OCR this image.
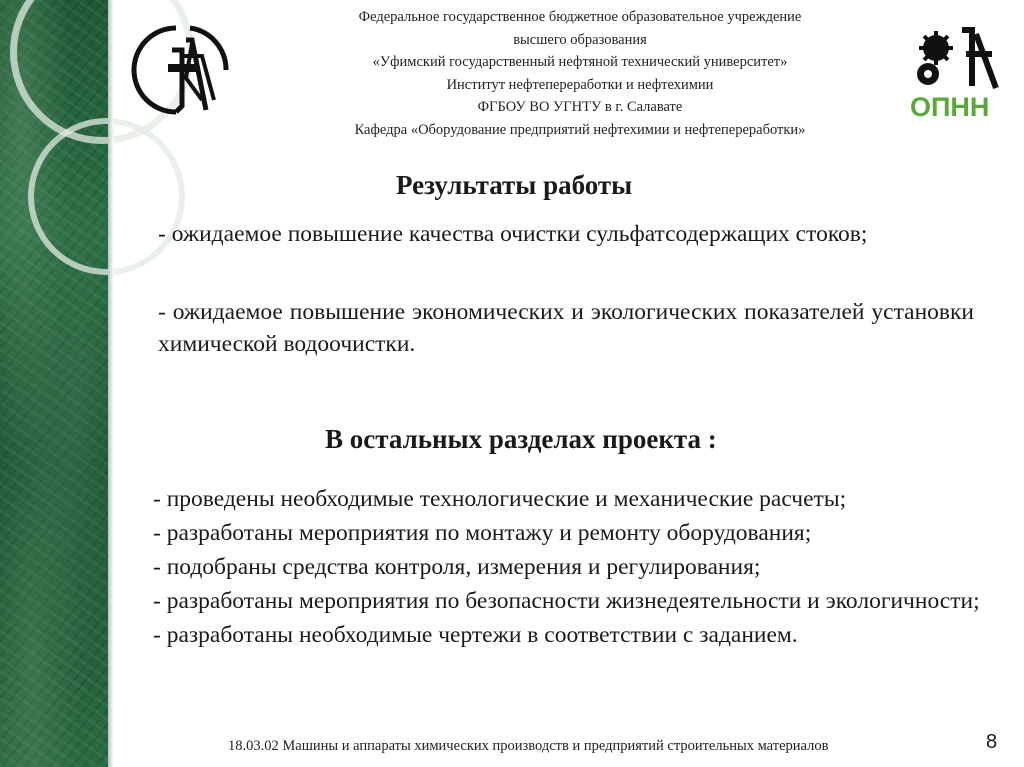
ОПНН
Федеральное государственное бюджетное образовательное учреждение
высшего образования
«Уфимский государственный нефтяной технический университет»
Институт нефтепереработки и нефтехимии
ФГБОУ ВО УГНТУ в г. Салавате
Кафедра «Оборудование предприятий нефтехимии и нефтепереработки»
Результаты работы
- ожидаемое повышение качества очистки сульфатсодержащих стоков;
- ожидаемое повышение экономических и экологических показателей установки химической водоочистки.
В остальных разделах проекта :
- проведены необходимые технологические и механические расчеты;
- разработаны мероприятия по монтажу и ремонту оборудования;
- подобраны средства контроля, измерения и регулирования;
- разработаны мероприятия по безопасности жизнедеятельности и экологичности;
- разработаны необходимые чертежи в соответствии с заданием.
18.03.02 Машины и аппараты химических производств и предприятий строительных материалов	8
